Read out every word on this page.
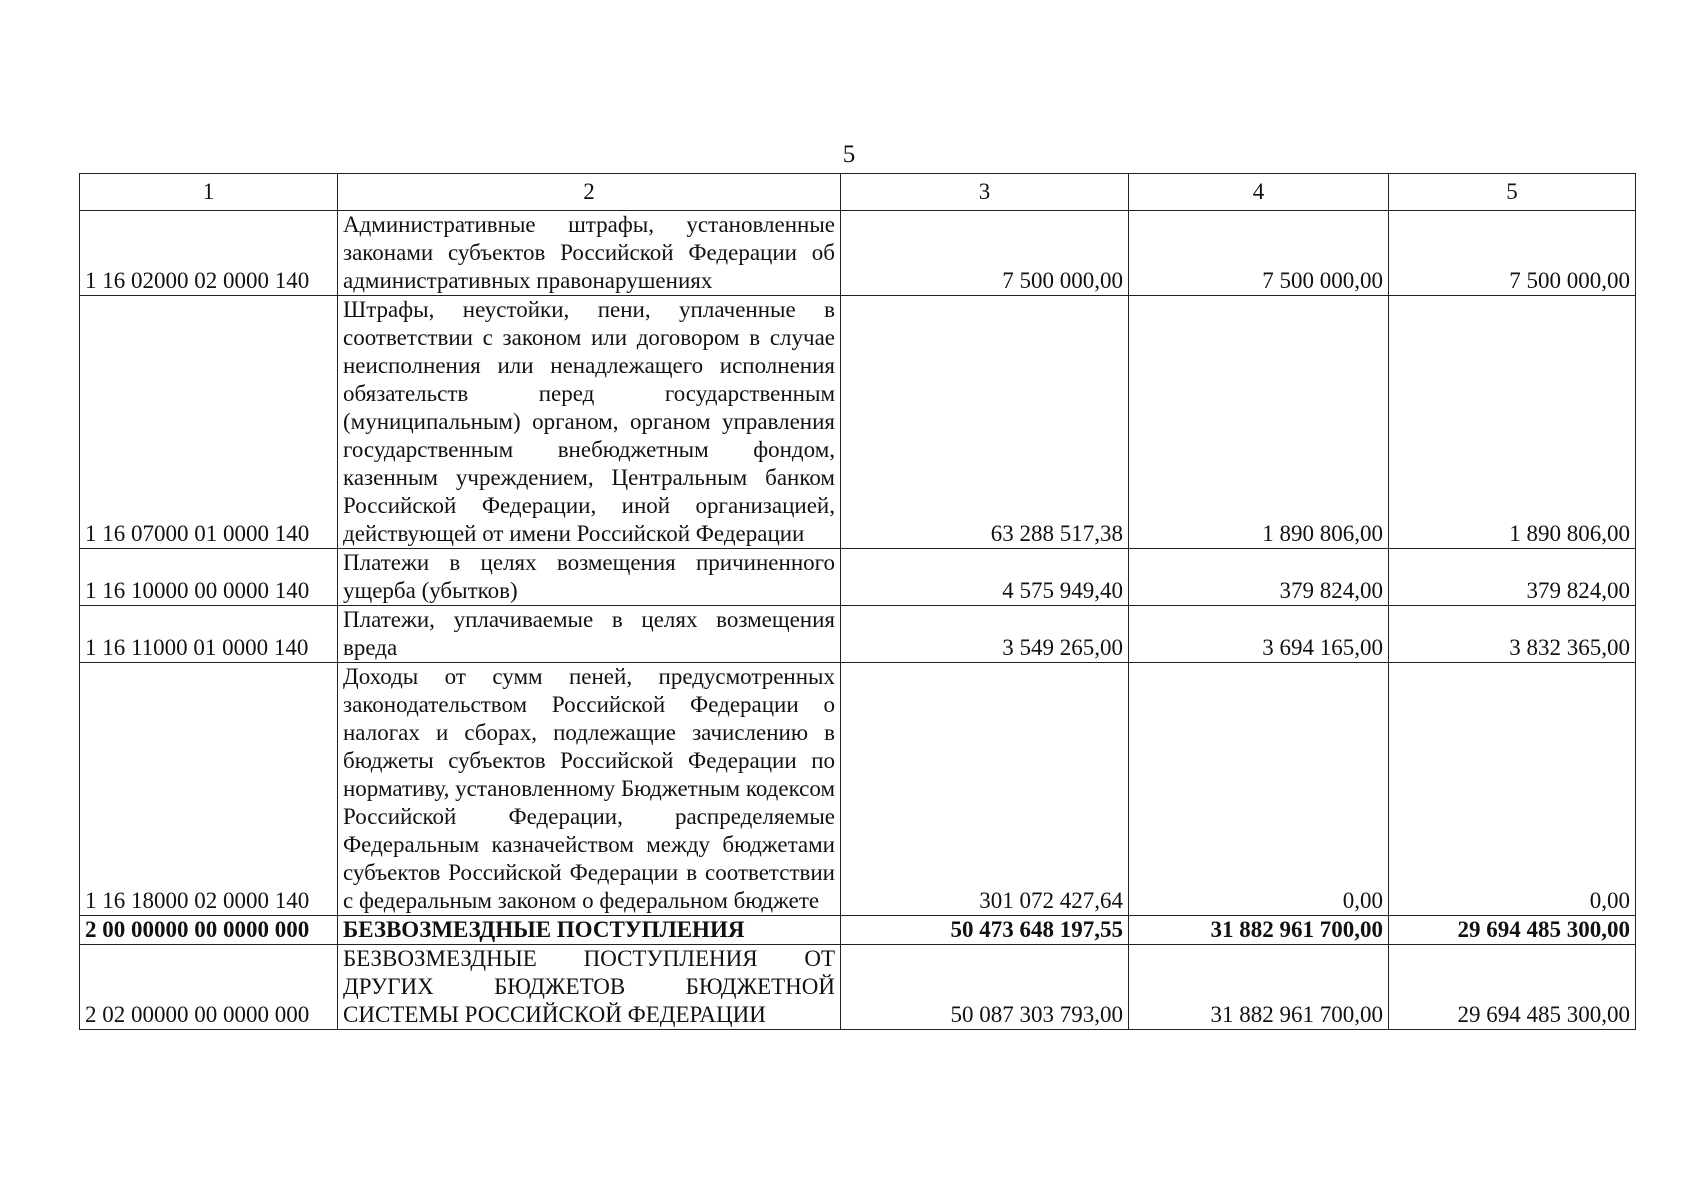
5
1	2	3	4	5
1 16 02000 02 0000 140	Административные штрафы, установленные законами субъектов Российской Федерации об административных правонарушениях	7 500 000,00	7 500 000,00	7 500 000,00
1 16 07000 01 0000 140	Штрафы, неустойки, пени, уплаченные в соответствии с законом или договором в случае неисполнения или ненадлежащего исполнения обязательств перед государственным (муниципальным) органом, органом управления государственным внебюджетным фондом, казенным учреждением, Центральным банком Российской Федерации, иной организацией, действующей от имени Российской Федерации	63 288 517,38	1 890 806,00	1 890 806,00
1 16 10000 00 0000 140	Платежи в целях возмещения причиненного ущерба (убытков)	4 575 949,40	379 824,00	379 824,00
1 16 11000 01 0000 140	Платежи, уплачиваемые в целях возмещения вреда	3 549 265,00	3 694 165,00	3 832 365,00
1 16 18000 02 0000 140	Доходы от сумм пеней, предусмотренных законодательством Российской Федерации о налогах и сборах, подлежащие зачислению в бюджеты субъектов Российской Федерации по нормативу, установленному Бюджетным кодексом Российской Федерации, распределяемые Федеральным казначейством между бюджетами субъектов Российской Федерации в соответствии с федеральным законом о федеральном бюджете	301 072 427,64	0,00	0,00
2 00 00000 00 0000 000	БЕЗВОЗМЕЗДНЫЕ ПОСТУПЛЕНИЯ	50 473 648 197,55	31 882 961 700,00	29 694 485 300,00
2 02 00000 00 0000 000	БЕЗВОЗМЕЗДНЫЕ ПОСТУПЛЕНИЯ ОТ ДРУГИХ БЮДЖЕТОВ БЮДЖЕТНОЙ СИСТЕМЫ РОССИЙСКОЙ ФЕДЕРАЦИИ	50 087 303 793,00	31 882 961 700,00	29 694 485 300,00
